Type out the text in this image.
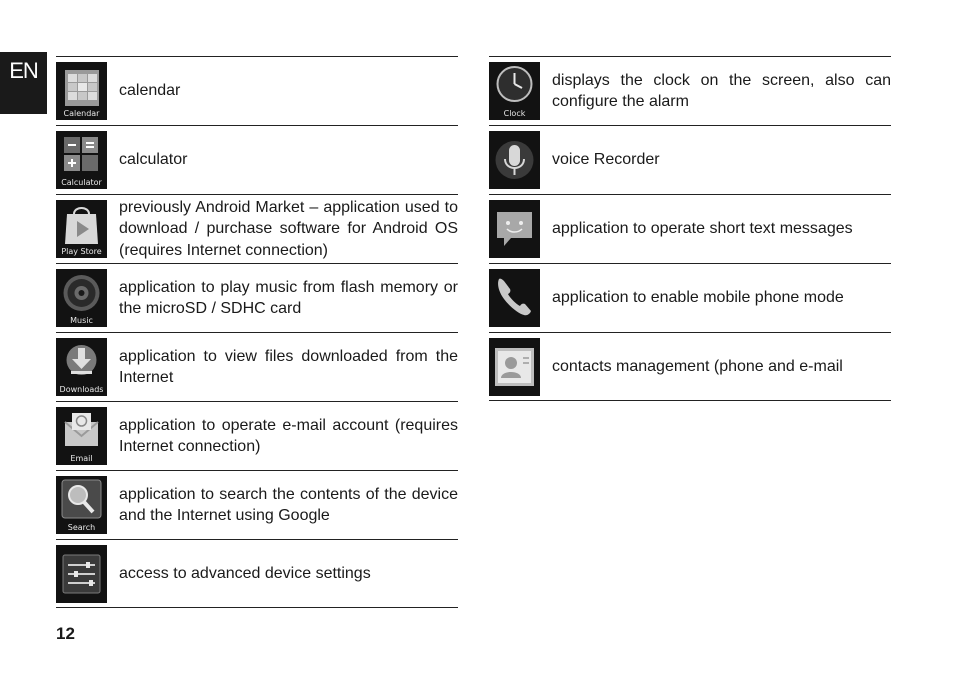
EN
Calendar
calendar
Calculator
calculator
Play Store
previously Android Market – application used to download / purchase software for Android OS (requires Internet connection)
Music
application to play music from flash memory or the microSD / SDHC card
Downloads
application to view files downloaded from the Internet
Email
application to operate e-mail account (requires Internet connection)
Search
application to search the contents of the device and the Internet using Google
access to advanced device settings
Clock
displays the clock on the screen, also can configure the alarm
voice Recorder
application to operate short text messages
application to enable mobile phone mode
contacts management (phone and e-mail
12
